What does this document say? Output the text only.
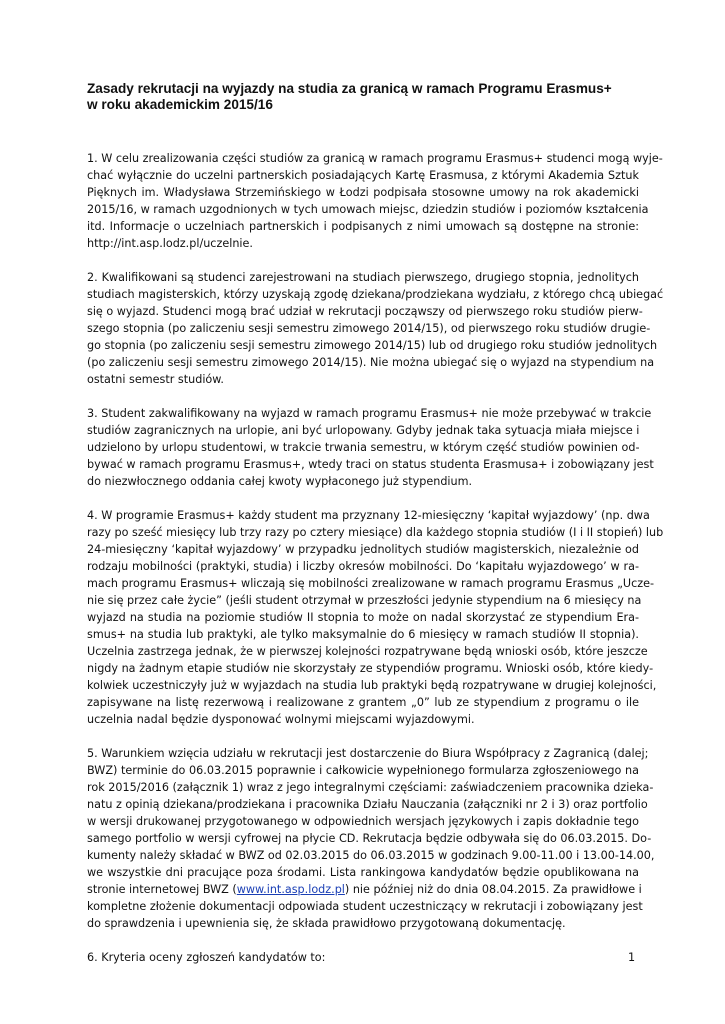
Zasady rekrutacji na wyjazdy na studia za granicą w ramach Programu Erasmus+
w roku akademickim 2015/16
1. W celu zrealizowania części studiów za granicą w ramach programu Erasmus+ studenci mogą wyje-
chać wyłącznie do uczelni partnerskich posiadających Kartę Erasmusa, z którymi Akademia Sztuk
Pięknych im. Władysława Strzemińskiego w Łodzi podpisała stosowne umowy na rok akademicki
2015/16, w ramach uzgodnionych w tych umowach miejsc, dziedzin studiów i poziomów kształcenia
itd. Informacje o uczelniach partnerskich i podpisanych z nimi umowach są dostępne na stronie:
http://int.asp.lodz.pl/uczelnie.
2. Kwalifikowani są studenci zarejestrowani na studiach pierwszego, drugiego stopnia, jednolitych
studiach magisterskich, którzy uzyskają zgodę dziekana/prodziekana wydziału, z którego chcą ubiegać
się o wyjazd. Studenci mogą brać udział w rekrutacji począwszy od pierwszego roku studiów pierw-
szego stopnia (po zaliczeniu sesji semestru zimowego 2014/15), od pierwszego roku studiów drugie-
go stopnia (po zaliczeniu sesji semestru zimowego 2014/15) lub od drugiego roku studiów jednolitych
(po zaliczeniu sesji semestru zimowego 2014/15). Nie można ubiegać się o wyjazd na stypendium na
ostatni semestr studiów.
3. Student zakwalifikowany na wyjazd w ramach programu Erasmus+ nie może przebywać w trakcie
studiów zagranicznych na urlopie, ani być urlopowany. Gdyby jednak taka sytuacja miała miejsce i
udzielono by urlopu studentowi, w trakcie trwania semestru, w którym część studiów powinien od-
bywać w ramach programu Erasmus+, wtedy traci on status studenta Erasmusa+ i zobowiązany jest
do niezwłocznego oddania całej kwoty wypłaconego już stypendium.
4. W programie Erasmus+ każdy student ma przyznany 12-miesięczny ‘kapitał wyjazdowy’ (np. dwa
razy po sześć miesięcy lub trzy razy po cztery miesiące) dla każdego stopnia studiów (I i II stopień) lub
24-miesięczny ‘kapitał wyjazdowy’ w przypadku jednolitych studiów magisterskich, niezależnie od
rodzaju mobilności (praktyki, studia) i liczby okresów mobilności. Do ‘kapitału wyjazdowego’ w ra-
mach programu Erasmus+ wliczają się mobilności zrealizowane w ramach programu Erasmus „Ucze-
nie się przez całe życie” (jeśli student otrzymał w przeszłości jedynie stypendium na 6 miesięcy na
wyjazd na studia na poziomie studiów II stopnia to może on nadal skorzystać ze stypendium Era-
smus+ na studia lub praktyki, ale tylko maksymalnie do 6 miesięcy w ramach studiów II stopnia).
Uczelnia zastrzega jednak, że w pierwszej kolejności rozpatrywane będą wnioski osób, które jeszcze
nigdy na żadnym etapie studiów nie skorzystały ze stypendiów programu. Wnioski osób, które kiedy-
kolwiek uczestniczyły już w wyjazdach na studia lub praktyki będą rozpatrywane w drugiej kolejności,
zapisywane na listę rezerwową i realizowane z grantem „0” lub ze stypendium z programu o ile
uczelnia nadal będzie dysponować wolnymi miejscami wyjazdowymi.
5. Warunkiem wzięcia udziału w rekrutacji jest dostarczenie do Biura Współpracy z Zagranicą (dalej;
BWZ) terminie do 06.03.2015 poprawnie i całkowicie wypełnionego formularza zgłoszeniowego na
rok 2015/2016 (załącznik 1) wraz z jego integralnymi częściami: zaświadczeniem pracownika dzieka-
natu z opinią dziekana/prodziekana i pracownika Działu Nauczania (załączniki nr 2 i 3) oraz portfolio
w wersji drukowanej przygotowanego w odpowiednich wersjach językowych i zapis dokładnie tego
samego portfolio w wersji cyfrowej na płycie CD. Rekrutacja będzie odbywała się do 06.03.2015. Do-
kumenty należy składać w BWZ od 02.03.2015 do 06.03.2015 w godzinach 9.00-11.00 i 13.00-14.00,
we wszystkie dni pracujące poza środami. Lista rankingowa kandydatów będzie opublikowana na
stronie internetowej BWZ (www.int.asp.lodz.pl) nie później niż do dnia 08.04.2015. Za prawidłowe i
kompletne złożenie dokumentacji odpowiada student uczestniczący w rekrutacji i zobowiązany jest
do sprawdzenia i upewnienia się, że składa prawidłowo przygotowaną dokumentację.
6. Kryteria oceny zgłoszeń kandydatów to:	1
